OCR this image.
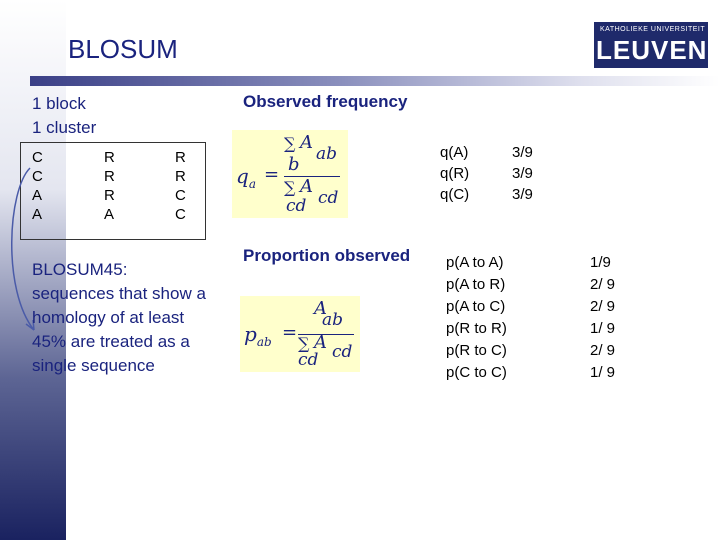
BLOSUM
KATHOLIEKE UNIVERSITEIT
LEUVEN
1 block
1 cluster
C
C
A
A
R
R
R
A
R
R
C
C
BLOSUM45: sequences that show a homology of at least 45% are treated as a single sequence
Observed frequency
$q_a$ =
∑ A
ab
b
∑ A
cd
cd
q(A)
q(R)
q(C)
3/9
3/9
3/9
Proportion observed
$p_{ab}$ =
A
ab
∑ A cd
cd
p(A to A)
p(A to R)
p(A to C)
p(R to R)
p(R to C)
p(C to C)
1/9
2/ 9
2/ 9
1/ 9
2/ 9
1/ 9
